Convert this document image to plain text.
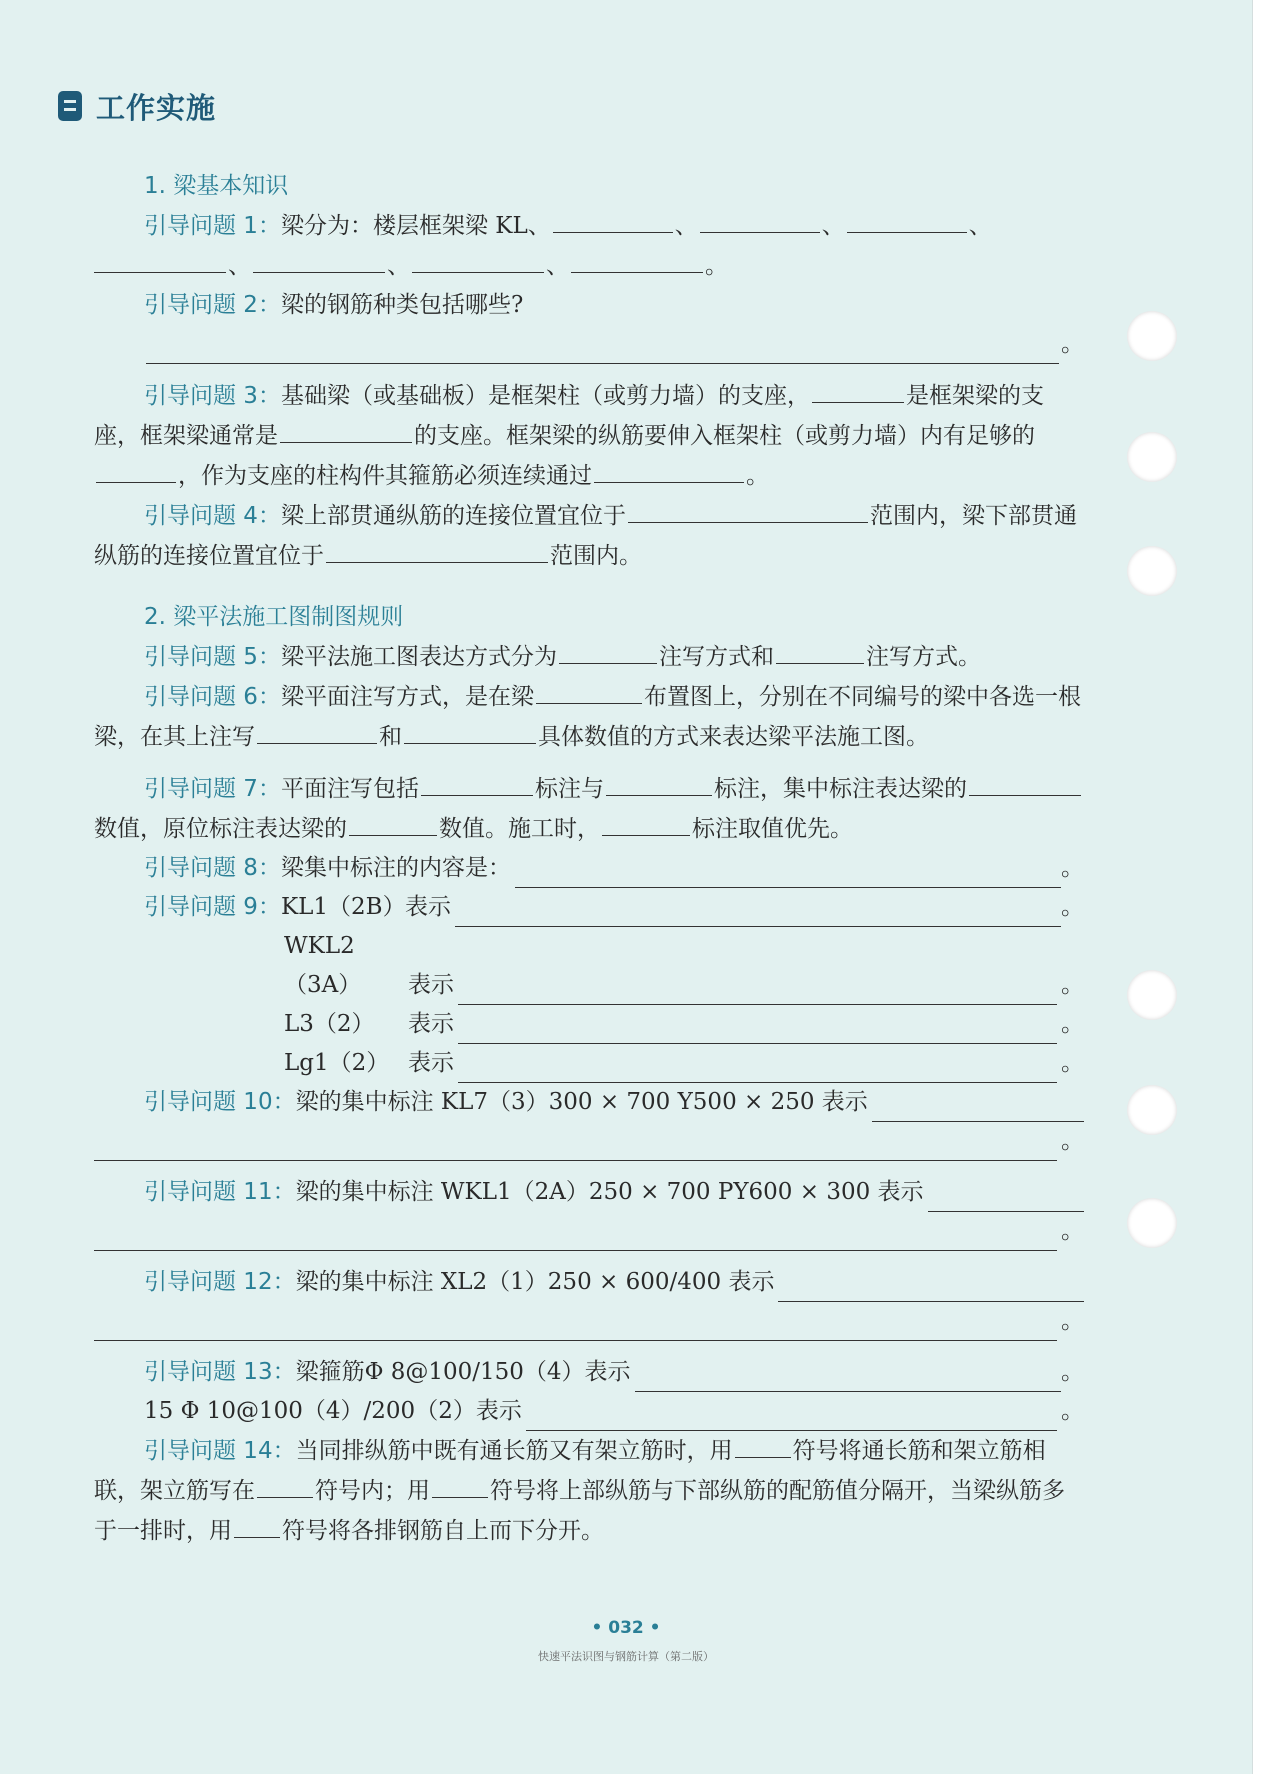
工作实施
1. 梁基本知识

引导问题 1：梁分为：楼层框架梁 KL、	、	、	、

、	、	、	。

引导问题 2：梁的钢筋种类包括哪些?

。

引导问题 3：基础梁（或基础板）是框架柱（或剪力墙）的支座，	是框架梁的支座，框架梁通常是	的支座。框架梁的纵筋要伸入框架柱（或剪力墙）内有足够的，作为支座的柱构件其箍筋必须连续通过	。

引导问题 4：梁上部贯通纵筋的连接位置宜位于	范围内，梁下部贯通纵筋的连接位置宜位于	范围内。

2. 梁平法施工图制图规则

引导问题 5：梁平法施工图表达方式分为	注写方式和	注写方式。

引导问题 6：梁平面注写方式，是在梁	布置图上，分别在不同编号的梁中各选一根梁，在其上注写	和	具体数值的方式来表达梁平法施工图。

引导问题 7：平面注写包括	标注与	标注，集中标注表达梁的数值，原位标注表达梁的	数值。施工时，	标注取值优先。

引导问题 8： 梁集中标注的内容是：	。
引导问题 9： KL1（2B） 表示	。
WKL2（3A）	表示	。
L3（2）	表示	。
Lg1（2） 表示	。
引导问题 10： 梁的集中标注 KL7（3）300 × 700 Y500 × 250 表示
。
引导问题 11： 梁的集中标注 WKL1（2A）250 × 700 PY600 × 300 表示
。
引导问题 12： 梁的集中标注 XL2（1）250 × 600/400 表示
。
引导问题 13： 梁箍筋Φ 8@100/150（4）表示	。
15 Φ 10@100（4）/200（2）表示	。

引导问题 14：当同排纵筋中既有通长筋又有架立筋时，用	符号将通长筋和架立筋相联，架立筋写在	符号内；用	符号将上部纵筋与下部纵筋的配筋值分隔开，当梁纵筋多于一排时，用 符号将各排钢筋自上而下分开。

• 032 •
快速平法识图与钢筋计算（第二版）
